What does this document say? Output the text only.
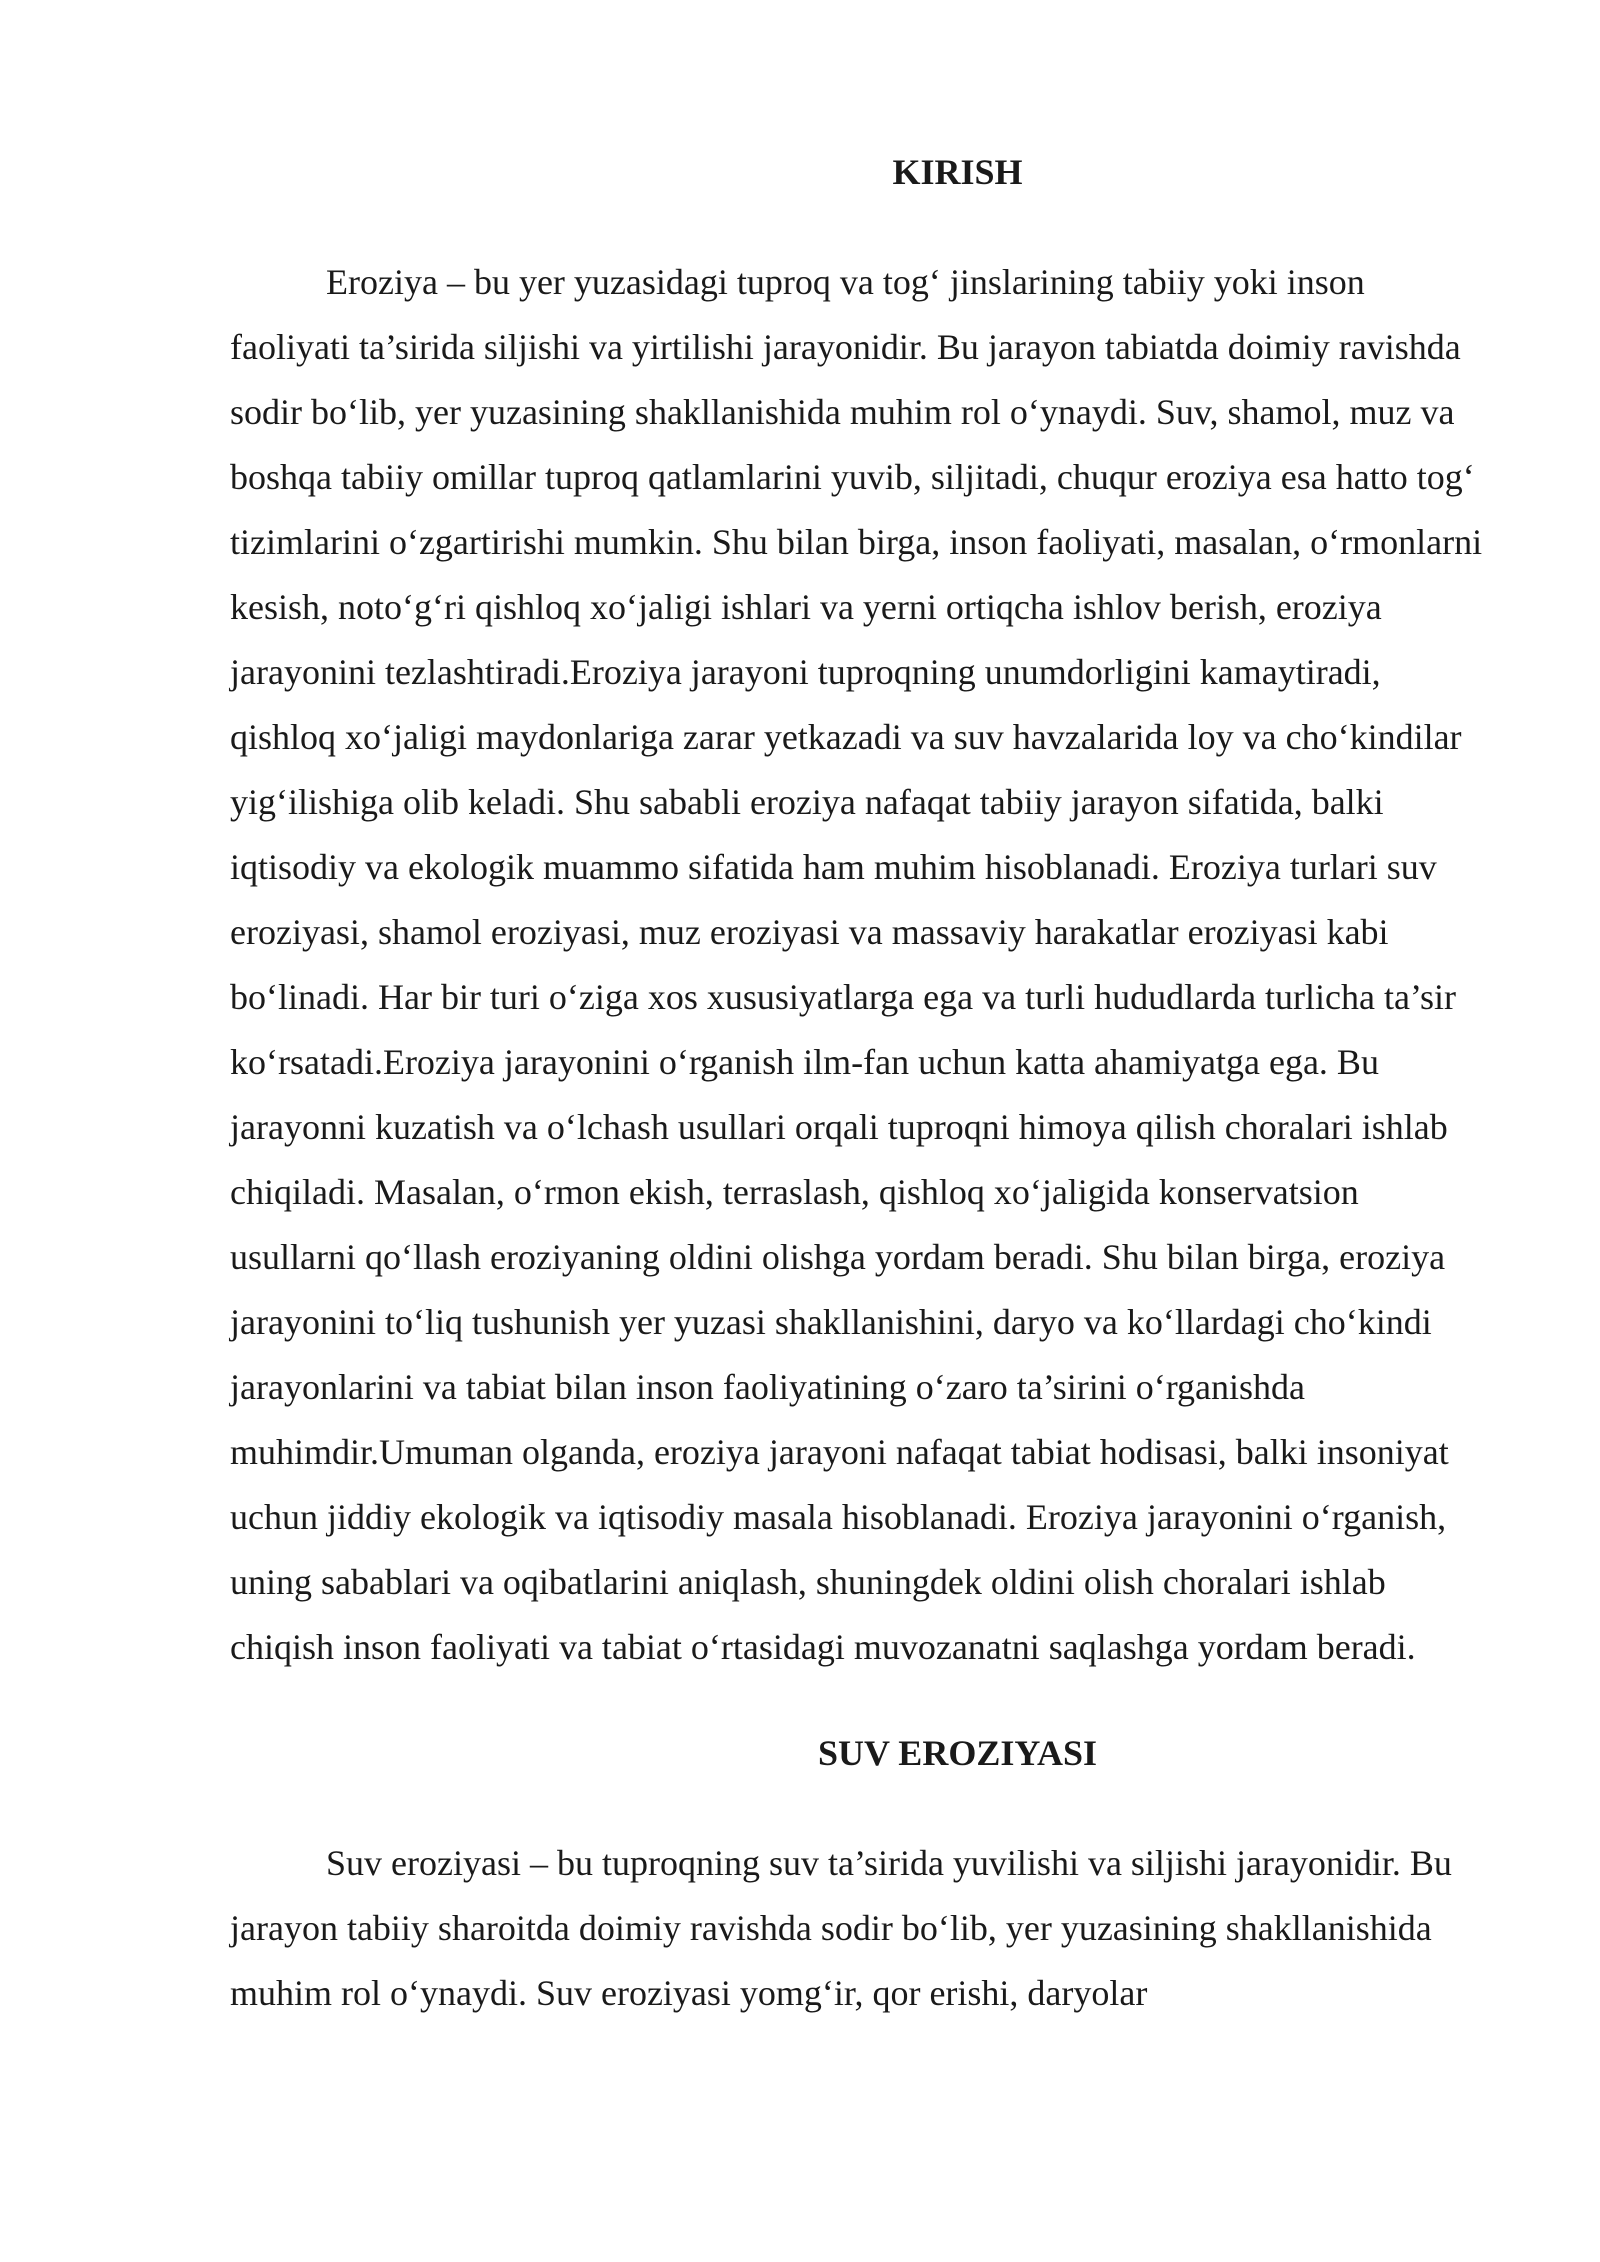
KIRISH

Eroziya – bu yer yuzasidagi tuproq va tog‘ jinslarining tabiiy yoki inson faoliyati ta’sirida siljishi va yirtilishi jarayonidir. Bu jarayon tabiatda doimiy ravishda sodir bo‘lib, yer yuzasining shakllanishida muhim rol o‘ynaydi. Suv, shamol, muz va boshqa tabiiy omillar tuproq qatlamlarini yuvib, siljitadi, chuqur eroziya esa hatto tog‘ tizimlarini o‘zgartirishi mumkin. Shu bilan birga, inson faoliyati, masalan, o‘rmonlarni kesish, noto‘g‘ri qishloq xo‘jaligi ishlari va yerni ortiqcha ishlov berish, eroziya jarayonini tezlashtiradi.Eroziya jarayoni tuproqning unumdorligini kamaytiradi, qishloq xo‘jaligi maydonlariga zarar yetkazadi va suv havzalarida loy va cho‘kindilar yig‘ilishiga olib keladi. Shu sababli eroziya nafaqat tabiiy jarayon sifatida, balki iqtisodiy va ekologik muammo sifatida ham muhim hisoblanadi. Eroziya turlari suv eroziyasi, shamol eroziyasi, muz eroziyasi va massaviy harakatlar eroziyasi kabi bo‘linadi. Har bir turi o‘ziga xos xususiyatlarga ega va turli hududlarda turlicha ta’sir ko‘rsatadi.Eroziya jarayonini o‘rganish ilm-fan uchun katta ahamiyatga ega. Bu jarayonni kuzatish va o‘lchash usullari orqali tuproqni himoya qilish choralari ishlab chiqiladi. Masalan, o‘rmon ekish, terraslash, qishloq xo‘jaligida konservatsion usullarni qo‘llash eroziyaning oldini olishga yordam beradi. Shu bilan birga, eroziya jarayonini to‘liq tushunish yer yuzasi shakllanishini, daryo va ko‘llardagi cho‘kindi jarayonlarini va tabiat bilan inson faoliyatining o‘zaro ta’sirini o‘rganishda muhimdir.Umuman olganda, eroziya jarayoni nafaqat tabiat hodisasi, balki insoniyat uchun jiddiy ekologik va iqtisodiy masala hisoblanadi. Eroziya jarayonini o‘rganish, uning sabablari va oqibatlarini aniqlash, shuningdek oldini olish choralari ishlab chiqish inson faoliyati va tabiat o‘rtasidagi muvozanatni saqlashga yordam beradi.

SUV EROZIYASI

Suv eroziyasi – bu tuproqning suv ta’sirida yuvilishi va siljishi jarayonidir. Bu jarayon tabiiy sharoitda doimiy ravishda sodir bo‘lib, yer yuzasining shakllanishida muhim rol o‘ynaydi. Suv eroziyasi yomg‘ir, qor erishi, daryolar
